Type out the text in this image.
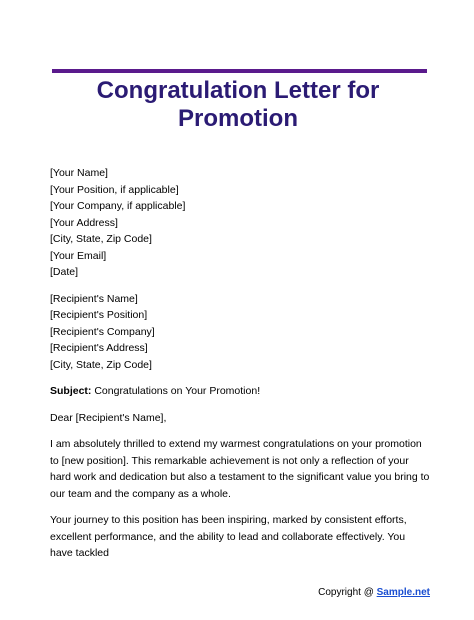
Congratulation Letter for Promotion
[Your Name]
[Your Position, if applicable]
[Your Company, if applicable]
[Your Address]
[City, State, Zip Code]
[Your Email]
[Date]
[Recipient's Name]
[Recipient's Position]
[Recipient's Company]
[Recipient's Address]
[City, State, Zip Code]
Subject: Congratulations on Your Promotion!
Dear [Recipient's Name],
I am absolutely thrilled to extend my warmest congratulations on your promotion to [new position]. This remarkable achievement is not only a reflection of your hard work and dedication but also a testament to the significant value you bring to our team and the company as a whole.
Your journey to this position has been inspiring, marked by consistent efforts, excellent performance, and the ability to lead and collaborate effectively. You have tackled
Copyright @ Sample.net
